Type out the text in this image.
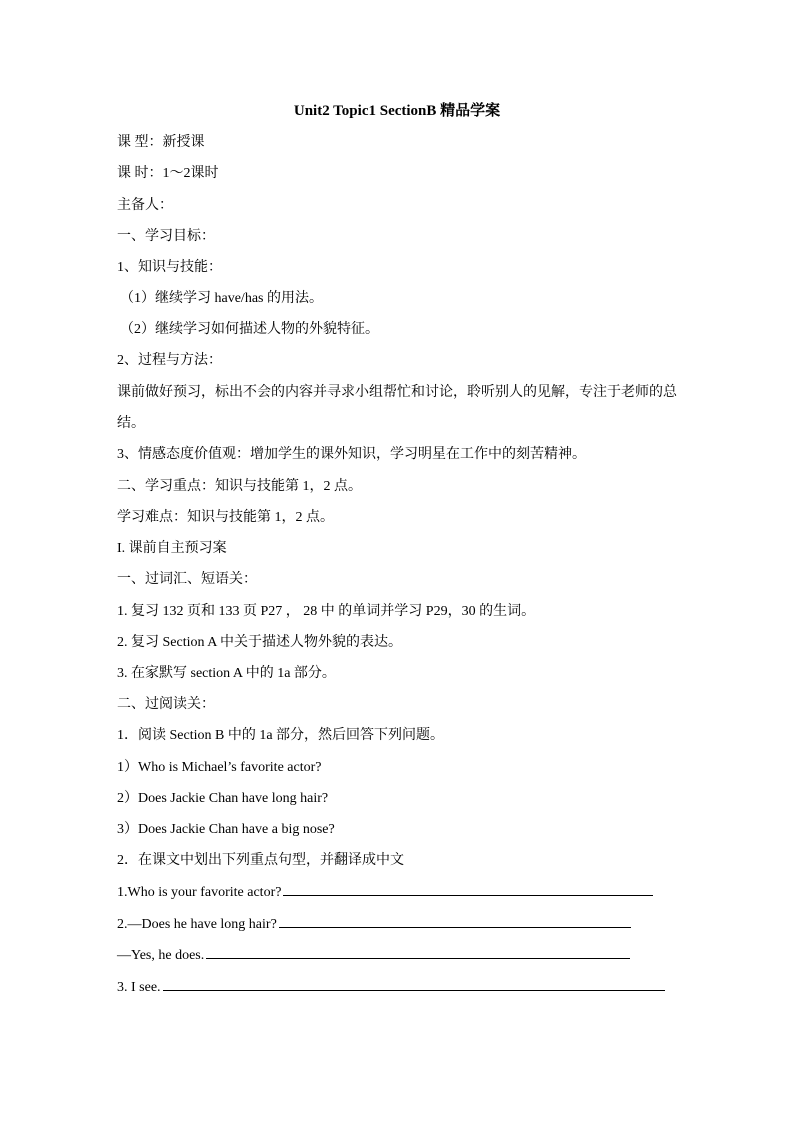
Unit2 Topic1 SectionB 精品学案
课 型：新授课
课 时：1～2课时
主备人：
一、学习目标：
1、知识与技能：
（1）继续学习 have/has 的用法。
（2）继续学习如何描述人物的外貌特征。
2、过程与方法：
课前做好预习，标出不会的内容并寻求小组帮忙和讨论，聆听别人的见解，专注于老师的总结。
3、情感态度价值观：增加学生的课外知识，学习明星在工作中的刻苦精神。
二、学习重点：知识与技能第 1，2 点。
学习难点：知识与技能第 1，2 点。
I. 课前自主预习案
一、过词汇、短语关：
1. 复习 132 页和 133 页 P27 ， 28 中 的单词并学习 P29，30 的生词。
2. 复习 Section A 中关于描述人物外貌的表达。
3. 在家默写 section A 中的 1a 部分。
二、过阅读关：
1．阅读 Section B 中的 1a 部分，然后回答下列问题。
1）Who is Michael’s favorite actor?
2）Does Jackie Chan have long hair?
3）Does Jackie Chan have a big nose?
2．在课文中划出下列重点句型，并翻译成中文
1.Who is your favorite actor?
2.—Does he have long hair?
—Yes, he does.
3. I see.
